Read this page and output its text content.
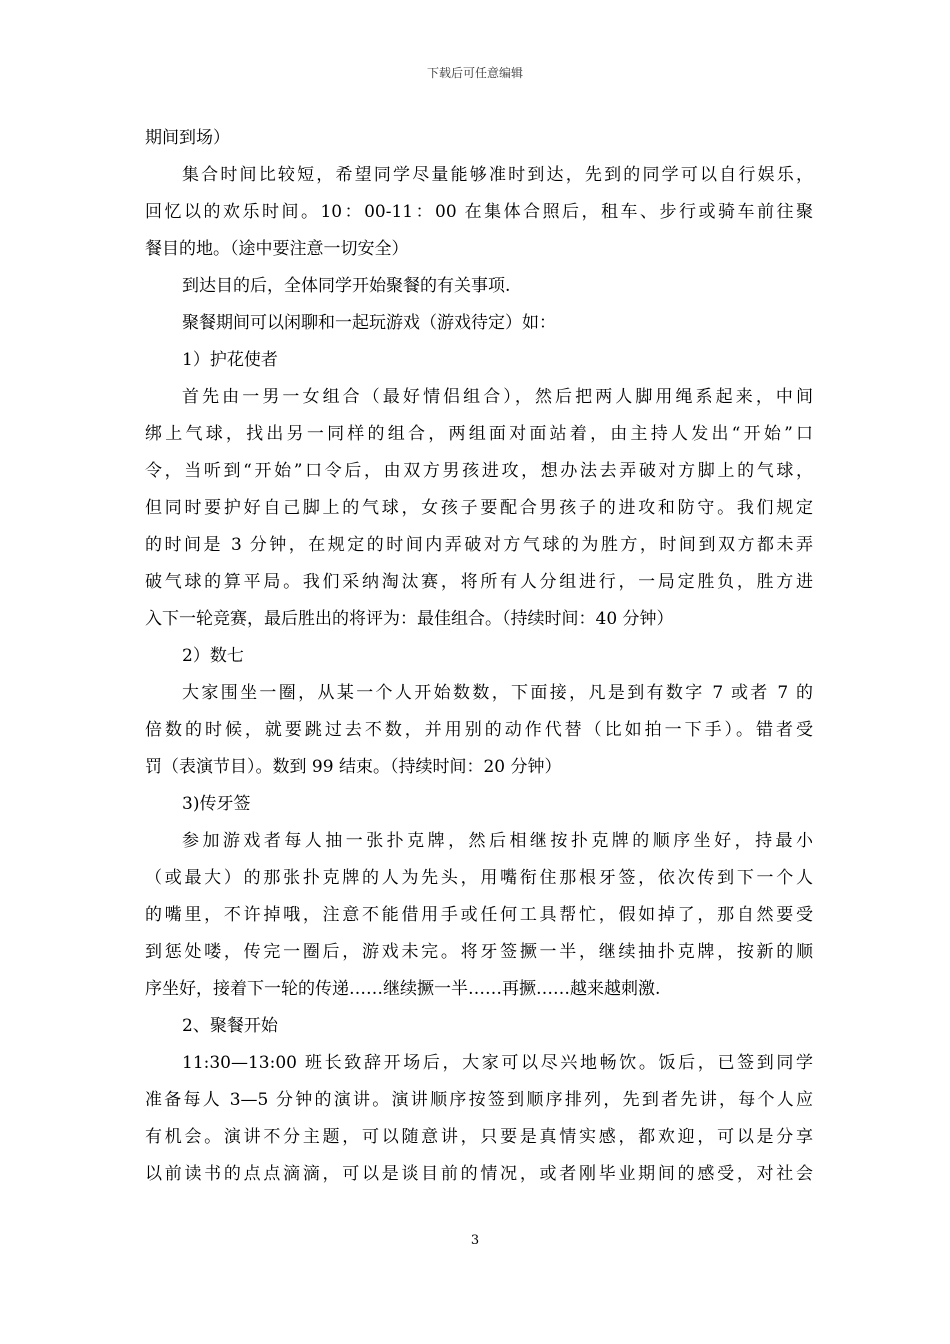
下载后可任意编辑
期间到场）
集合时间比较短，希望同学尽量能够准时到达，先到的同学可以自行娱乐，
回忆以的欢乐时间。10：00-11：00 在集体合照后，租车、步行或骑车前往聚
餐目的地。（途中要注意一切安全）
到达目的后，全体同学开始聚餐的有关事项.
聚餐期间可以闲聊和一起玩游戏（游戏待定）如：
1）护花使者
首先由一男一女组合（最好情侣组合），然后把两人脚用绳系起来，中间
绑上气球，找出另一同样的组合，两组面对面站着，由主持人发出“开始”口
令，当听到“开始”口令后，由双方男孩进攻，想办法去弄破对方脚上的气球，
但同时要护好自己脚上的气球，女孩子要配合男孩子的进攻和防守。我们规定
的时间是 3 分钟，在规定的时间内弄破对方气球的为胜方，时间到双方都未弄
破气球的算平局。我们采纳淘汰赛，将所有人分组进行，一局定胜负，胜方进
入下一轮竞赛，最后胜出的将评为：最佳组合。（持续时间：40 分钟）
2）数七
大家围坐一圈，从某一个人开始数数，下面接，凡是到有数字 7 或者 7 的
倍数的时候，就要跳过去不数，并用别的动作代替（比如拍一下手）。错者受
罚（表演节目）。数到 99 结束。（持续时间：20 分钟）
3)传牙签
参加游戏者每人抽一张扑克牌，然后相继按扑克牌的顺序坐好，持最小
（或最大）的那张扑克牌的人为先头，用嘴衔住那根牙签，依次传到下一个人
的嘴里，不许掉哦，注意不能借用手或任何工具帮忙，假如掉了，那自然要受
到惩处喽，传完一圈后，游戏未完。将牙签撅一半，继续抽扑克牌，按新的顺
序坐好，接着下一轮的传递……继续撅一半……再撅……越来越刺激.
2、聚餐开始
11:30—13:00 班长致辞开场后，大家可以尽兴地畅饮。饭后，已签到同学
准备每人 3—5 分钟的演讲。演讲顺序按签到顺序排列，先到者先讲，每个人应
有机会。演讲不分主题，可以随意讲，只要是真情实感，都欢迎，可以是分享
以前读书的点点滴滴，可以是谈目前的情况，或者刚毕业期间的感受，对社会
3
